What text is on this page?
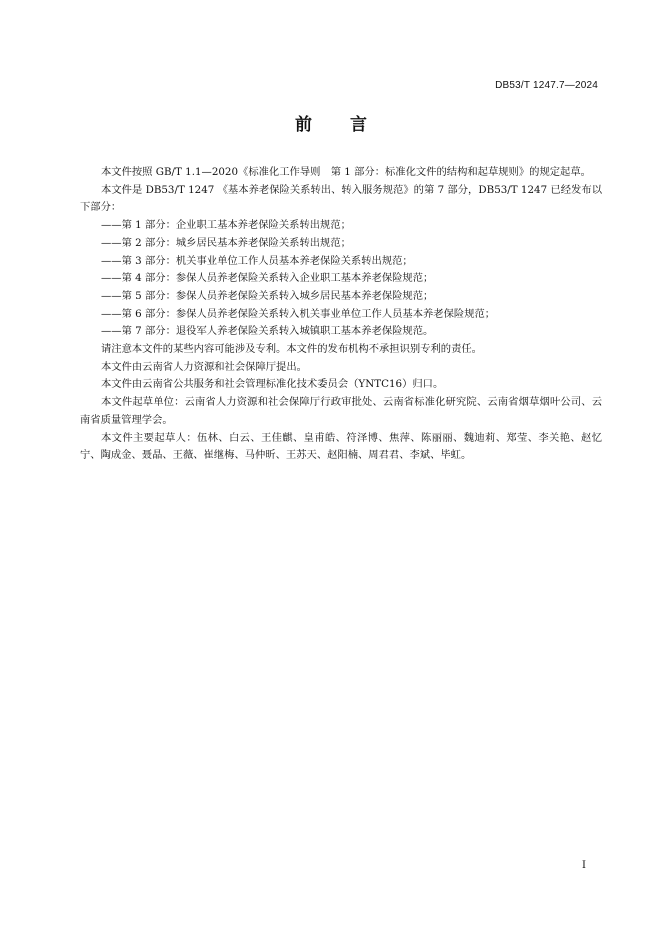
DB53/T 1247.7—2024
前言

本文件按照 GB/T 1.1—2020《标准化工作导则　第 1 部分：标准化文件的结构和起草规则》的规定起草。

本文件是 DB53/T 1247 《基本养老保险关系转出、转入服务规范》的第 7 部分，DB53/T 1247 已经发布以下部分：

——第 1 部分：企业职工基本养老保险关系转出规范；

——第 2 部分：城乡居民基本养老保险关系转出规范；

——第 3 部分：机关事业单位工作人员基本养老保险关系转出规范；

——第 4 部分：参保人员养老保险关系转入企业职工基本养老保险规范；

——第 5 部分：参保人员养老保险关系转入城乡居民基本养老保险规范；

——第 6 部分：参保人员养老保险关系转入机关事业单位工作人员基本养老保险规范；

——第 7 部分：退役军人养老保险关系转入城镇职工基本养老保险规范。

请注意本文件的某些内容可能涉及专利。本文件的发布机构不承担识别专利的责任。

本文件由云南省人力资源和社会保障厅提出。

本文件由云南省公共服务和社会管理标准化技术委员会（YNTC16）归口。

本文件起草单位：云南省人力资源和社会保障厅行政审批处、云南省标准化研究院、云南省烟草烟叶公司、云南省质量管理学会。

本文件主要起草人：伍林、白云、王佳麒、皇甫皓、符泽博、焦萍、陈丽丽、魏迪莉、郑莹、李关艳、赵忆宁、陶成金、聂晶、王薇、崔继梅、马仲昕、王苏天、赵阳楠、周君君、李斌、毕虹。

I
